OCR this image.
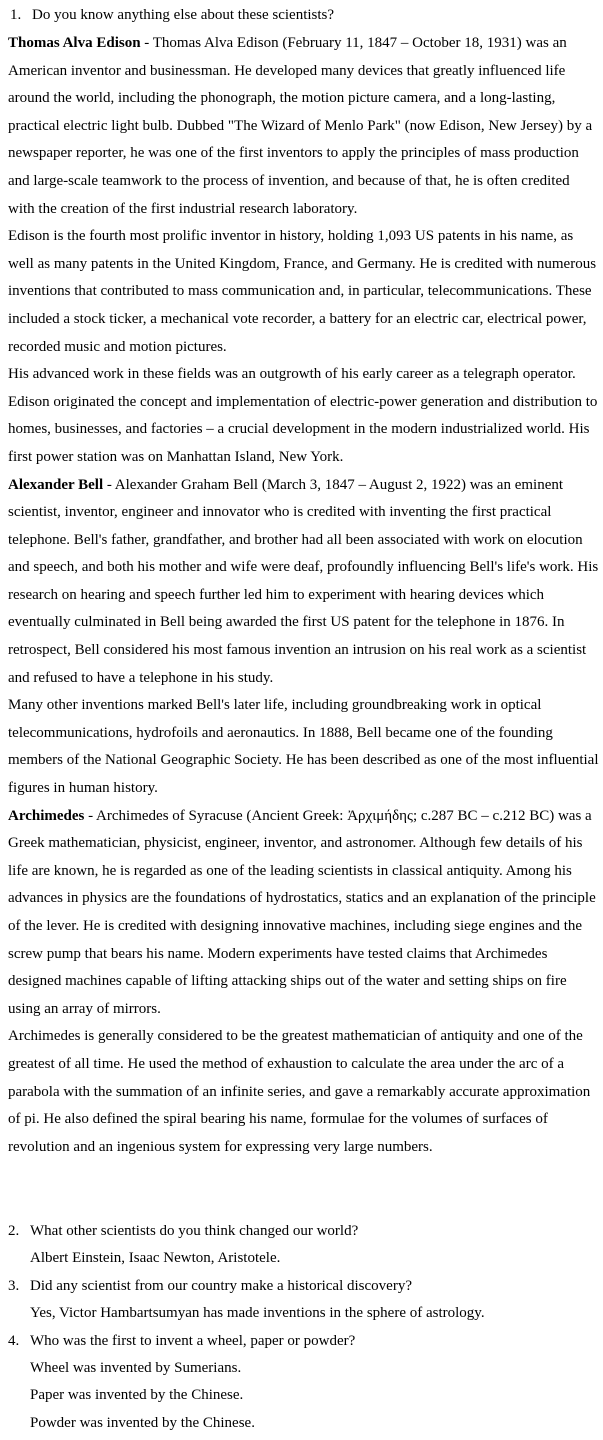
1. Do you know anything else about these scientists?

Thomas Alva Edison - Thomas Alva Edison (February 11, 1847 – October 18, 1931) was an American inventor and businessman. He developed many devices that greatly influenced life around the world, including the phonograph, the motion picture camera, and a long-lasting, practical electric light bulb. Dubbed "The Wizard of Menlo Park" (now Edison, New Jersey) by a newspaper reporter, he was one of the first inventors to apply the principles of mass production and large-scale teamwork to the process of invention, and because of that, he is often credited with the creation of the first industrial research laboratory.

Edison is the fourth most prolific inventor in history, holding 1,093 US patents in his name, as well as many patents in the United Kingdom, France, and Germany. He is credited with numerous inventions that contributed to mass communication and, in particular, telecommunications. These included a stock ticker, a mechanical vote recorder, a battery for an electric car, electrical power, recorded music and motion pictures.

His advanced work in these fields was an outgrowth of his early career as a telegraph operator. Edison originated the concept and implementation of electric-power generation and distribution to homes, businesses, and factories – a crucial development in the modern industrialized world. His first power station was on Manhattan Island, New York.

Alexander Bell - Alexander Graham Bell (March 3, 1847 – August 2, 1922) was an eminent scientist, inventor, engineer and innovator who is credited with inventing the first practical telephone. Bell's father, grandfather, and brother had all been associated with work on elocution and speech, and both his mother and wife were deaf, profoundly influencing Bell's life's work. His research on hearing and speech further led him to experiment with hearing devices which eventually culminated in Bell being awarded the first US patent for the telephone in 1876. In retrospect, Bell considered his most famous invention an intrusion on his real work as a scientist and refused to have a telephone in his study.

Many other inventions marked Bell's later life, including groundbreaking work in optical telecommunications, hydrofoils and aeronautics. In 1888, Bell became one of the founding members of the National Geographic Society. He has been described as one of the most influential figures in human history.

Archimedes - Archimedes of Syracuse (Ancient Greek: Ἀρχιμήδης; c.287 BC – c.212 BC) was a Greek mathematician, physicist, engineer, inventor, and astronomer. Although few details of his life are known, he is regarded as one of the leading scientists in classical antiquity. Among his advances in physics are the foundations of hydrostatics, statics and an explanation of the principle of the lever. He is credited with designing innovative machines, including siege engines and the screw pump that bears his name. Modern experiments have tested claims that Archimedes designed machines capable of lifting attacking ships out of the water and setting ships on fire using an array of mirrors.

Archimedes is generally considered to be the greatest mathematician of antiquity and one of the greatest of all time. He used the method of exhaustion to calculate the area under the arc of a parabola with the summation of an infinite series, and gave a remarkably accurate approximation of pi. He also defined the spiral bearing his name, formulae for the volumes of surfaces of revolution and an ingenious system for expressing very large numbers.

2. What other scientists do you think changed our world?
Albert Einstein, Isaac Newton, Aristotele.
3. Did any scientist from our country make a historical discovery?
Yes, Victor Hambartsumyan has made inventions in the sphere of astrology.
4. Who was the first to invent a wheel, paper or powder?
Wheel was invented by Sumerians.
Paper was invented by the Chinese.
Powder was invented by the Chinese.
